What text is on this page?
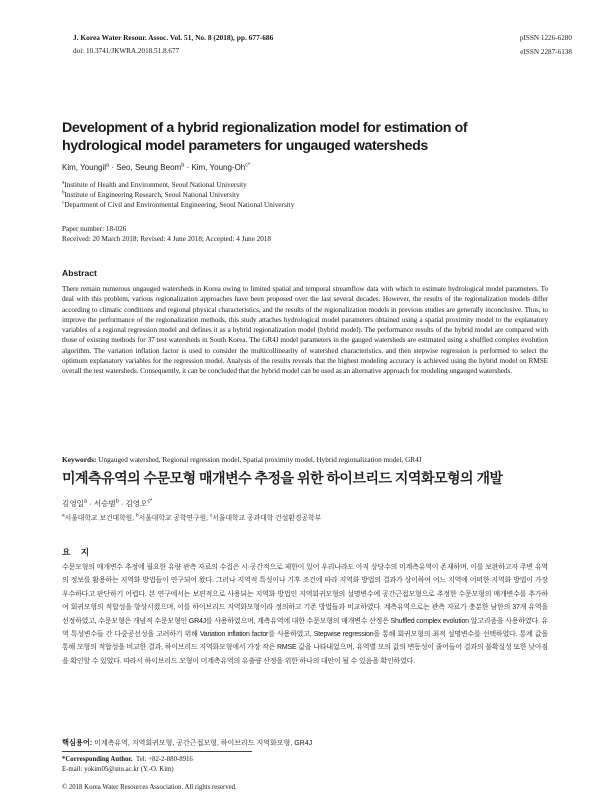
J. Korea Water Resour. Assoc. Vol. 51, No. 8 (2018), pp. 677-686
doi: 10.3741/JKWRA.2018.51.8.677
pISSN 1226-6280
eISSN 2287-6138
Development of a hybrid regionalization model for estimation of hydrological model parameters for ungauged watersheds
Kim, Youngil$^a$ · Seo, Seung Beom$^b$ · Kim, Young-$Oh^{c*}$
$^a$Institute of Health and Environment, Seoul National University
$^b$Institute of Engineering Research, Seoul National University
$^c$Department of Civil and Environmental Engineering, Seoul National University
Paper number: 18-026
Received: 20 March 2018; Revised: 4 June 2018; Accepted: 4 June 2018
Abstract
There remain numerous ungauged watersheds in Korea owing to limited spatial and temporal streamflow data with which to estimate hydrological model parameters. To deal with this problem, various regionalization approaches have been proposed over the last several decades. However, the results of the regionalization models differ according to climatic conditions and regional physical characteristics, and the results of the regionalization models in previous studies are generally inconclusive. Thus, to improve the performance of the regionalization methods, this study attaches hydrological model parameters obtained using a spatial proximity model to the explanatory variables of a regional regression model and defines it as a hybrid regionalization model (hybrid model). The performance results of the hybrid model are compared with those of existing methods for 37 test watersheds in South Korea. The GR4J model parameters in the gauged watersheds are estimated using a shuffled complex evolution algorithm. The variation inflation factor is used to consider the multicollinearity of watershed characteristics, and then stepwise regression is performed to select the optimum explanatory variables for the regression model. Analysis of the results reveals that the highest modeling accuracy is achieved using the hybrid model on RMSE overall the test watersheds. Consequently, it can be concluded that the hybrid model can be used as an alternative approach for modeling ungauged watersheds.
Keywords: Ungauged watershed, Regional regression model, Spatial proximity model, Hybrid regionalization model, GR4J
미계측유역의 수문모형 매개변수 추정을 위한 하이브리드 지역화모형의 개발
김영일$^a$ · 서승범$^b$ · 김영오$^{c*}$
$^a$서울대학교 보건대학원, $^b$서울대학교 공학연구원, $^c$서울대학교 공과대학 건설환경공학부
요 지
수문모형의 매개변수 추정에 필요한 유량 관측 자료의 수집은 시·공간적으로 제한이 있어 우리나라도 아직 상당수의 미계측유역이 존재하며, 이를 보완하고자 주변 유역의 정보를 활용하는 지역화 방법들이 연구되어 왔다. 그러나 지역적 특성이나 기후 조건에 따라 지역화 방법의 결과가 상이하여 어느 지역에 어떠한 지역화 방법이 가장 우수하다고 판단하기 어렵다. 본 연구에서는 보편적으로 사용되는 지역화 방법인 지역회귀모형의 설명변수에 공간근접모형으로 추정한 수문모형의 매개변수를 추가하여 회귀모형의 적합성을 향상시켰으며, 이를 하이브리드 지역화모형이라 정의하고 기존 방법들과 비교하였다. 계측유역으로는 관측 자료가 충분한 남한의 37개 유역을 선정하였고, 수문모형은 개념적 수문모형인 GR4J를 사용하였으며, 계측유역에 대한 수문모형의 매개변수 산정은 Shuffled complex evolution 알고리즘을 사용하였다. 유역 특성변수들 간 다중공선성을 고려하기 위해 Variation inflation factor를 사용하였고, Stepwise regression을 통해 회귀모형의 최적 설명변수를 선택하였다. 통계 값을 통해 모형의 적합성을 비교한 결과, 하이브리드 지역화모형에서 가장 작은 RMSE 값을 나타내었으며, 유역별 모의 값의 변동성이 줄어들어 결과의 불확실성 또한 낮아짐을 확인할 수 있었다. 따라서 하이브리드 모형이 미계측유역의 유출량 산정을 위한 하나의 대안이 될 수 있음을 확인하였다.
핵심용어: 미계측유역, 지역회귀모형, 공간근접모형, 하이브리드 지역화모형, GR4J
*Corresponding Author. Tel: +82-2-880-8916
E-mail: yokim05@snu.ac.kr (Y.-O. Kim)
© 2018 Korea Water Resources Association. All rights reserved.
